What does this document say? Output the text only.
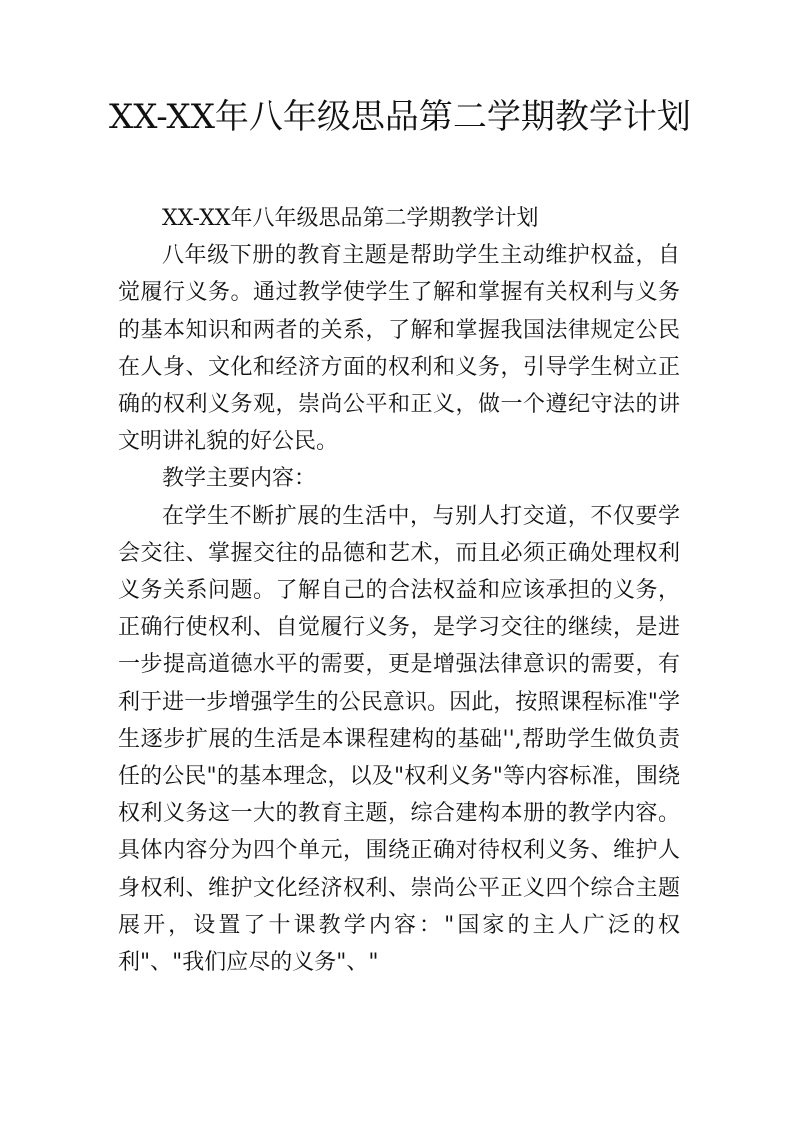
XX-XX年八年级思品第二学期教学计划

XX-XX年八年级思品第二学期教学计划

八年级下册的教育主题是帮助学生主动维护权益，自觉履行义务。通过教学使学生了解和掌握有关权利与义务的基本知识和两者的关系，了解和掌握我国法律规定公民在人身、文化和经济方面的权利和义务，引导学生树立正确的权利义务观，崇尚公平和正义，做一个遵纪守法的讲文明讲礼貌的好公民。

教学主要内容：

在学生不断扩展的生活中，与别人打交道，不仅要学会交往、掌握交往的品德和艺术，而且必须正确处理权利义务关系问题。了解自己的合法权益和应该承担的义务，正确行使权利、自觉履行义务，是学习交往的继续，是进一步提高道德水平的需要，更是增强法律意识的需要，有利于进一步增强学生的公民意识。因此，按照课程标准"学生逐步扩展的生活是本课程建构的基础'',帮助学生做负责任的公民"的基本理念，以及"权利义务"等内容标准，围绕权利义务这一大的教育主题，综合建构本册的教学内容。具体内容分为四个单元，围绕正确对待权利义务、维护人身权利、维护文化经济权利、崇尚公平正义四个综合主题展开，设置了十课教学内容："国家的主人广泛的权利"、"我们应尽的义务"、"
